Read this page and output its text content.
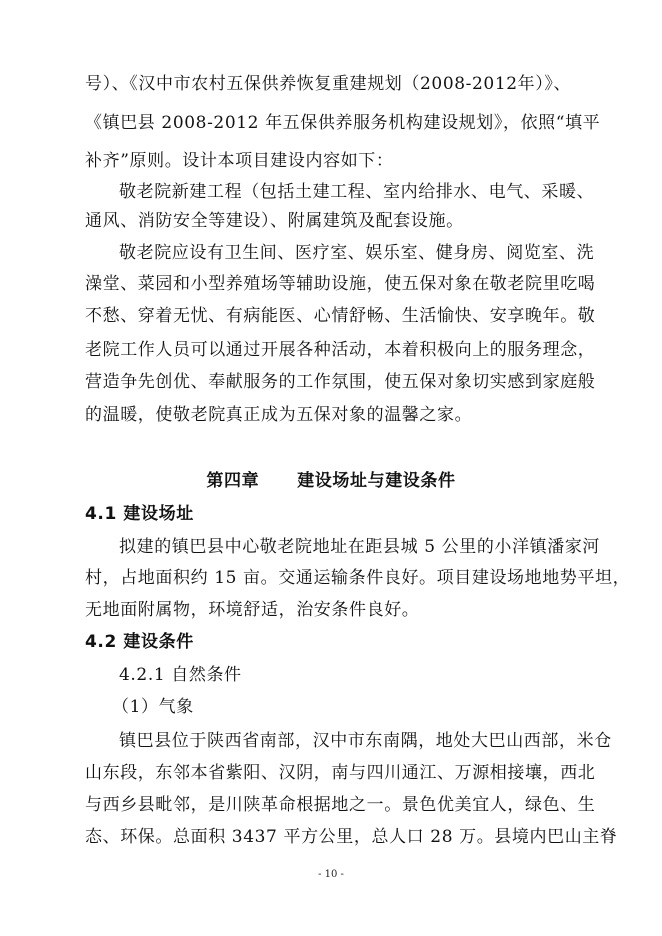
号）、《汉中市农村五保供养恢复重建规划（2008-2012年）》、
《镇巴县 2008-2012 年五保供养服务机构建设规划》，依照“填平
补齐”原则。设计本项目建设内容如下：
敬老院新建工程（包括土建工程、室内给排水、电气、采暖、
通风、消防安全等建设）、附属建筑及配套设施。
敬老院应设有卫生间、医疗室、娱乐室、健身房、阅览室、洗
澡堂、菜园和小型养殖场等辅助设施，使五保对象在敬老院里吃喝
不愁、穿着无忧、有病能医、心情舒畅、生活愉快、安享晚年。敬
老院工作人员可以通过开展各种活动，本着积极向上的服务理念，
营造争先创优、奉献服务的工作氛围，使五保对象切实感到家庭般
的温暖，使敬老院真正成为五保对象的温馨之家。
第四章 建设场址与建设条件
4.1 建设场址
拟建的镇巴县中心敬老院地址在距县城 5 公里的小洋镇潘家河
村，占地面积约 15 亩。交通运输条件良好。项目建设场地地势平坦，
无地面附属物，环境舒适，治安条件良好。
4.2 建设条件
4.2.1 自然条件
（1）气象
镇巴县位于陕西省南部，汉中市东南隅，地处大巴山西部，米仓
山东段，东邻本省紫阳、汉阴，南与四川通江、万源相接壤，西北
与西乡县毗邻，是川陕革命根据地之一。景色优美宜人，绿色、生
态、环保。总面积 3437 平方公里，总人口 28 万。县境内巴山主脊
- 10 -
